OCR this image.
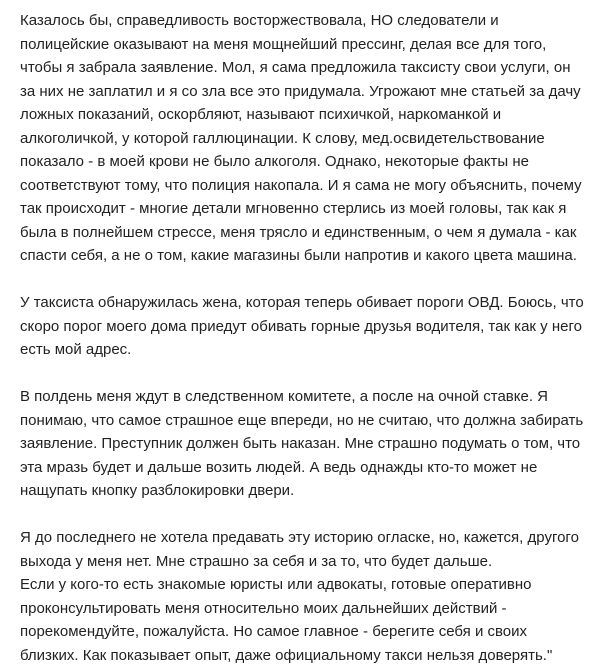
Казалось бы, справедливость восторжествовала, НО следователи и
полицейские оказывают на меня мощнейший прессинг, делая все для того,
чтобы я забрала заявление. Мол, я сама предложила таксисту свои услуги, он
за них не заплатил и я со зла все это придумала. Угрожают мне статьей за дачу
ложных показаний, оскорбляют, называют психичкой, наркоманкой и
алкоголичкой, у которой галлюцинации. К слову, мед.освидетельствование
показало - в моей крови не было алкоголя. Однако, некоторые факты не
соответствуют тому, что полиция накопала. И я сама не могу объяснить, почему
так происходит - многие детали мгновенно стерлись из моей головы, так как я
была в полнейшем стрессе, меня трясло и единственным, о чем я думала - как
спасти себя, а не о том, какие магазины были напротив и какого цвета машина.

У таксиста обнаружилась жена, которая теперь обивает пороги ОВД. Боюсь, что
скоро порог моего дома приедут обивать горные друзья водителя, так как у него
есть мой адрес.

В полдень меня ждут в следственном комитете, а после на очной ставке. Я
понимаю, что самое страшное еще впереди, но не считаю, что должна забирать
заявление. Преступник должен быть наказан. Мне страшно подумать о том, что
эта мразь будет и дальше возить людей. А ведь однажды кто-то может не
нащупать кнопку разблокировки двери.

Я до последнего не хотела предавать эту историю огласке, но, кажется, другого
выхода у меня нет. Мне страшно за себя и за то, что будет дальше.
Если у кого-то есть знакомые юристы или адвокаты, готовые оперативно
проконсультировать меня относительно моих дальнейших действий -
порекомендуйте, пожалуйста. Но самое главное - берегите себя и своих
близких. Как показывает опыт, даже официальному такси нельзя доверять."
